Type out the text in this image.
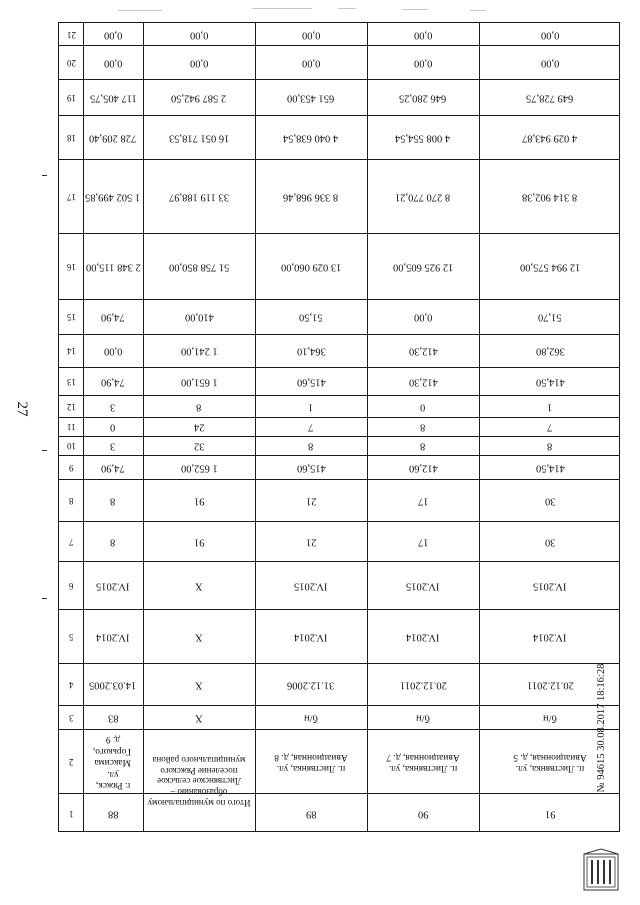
27
1
2
3
4
5
6
7
8
9
10
11
12
13
14
15
16
17
18
19
20
21
88
г. Ряжск, ул. Максима Горького, д. 9
83
14.03.2005
IV.2014
IV.2015
8
8
74,90
3
0
3
74,90
0,00
74,90
2 348 115,00
1 502 499,85
728 209,40
117 405,75
0,00
0,00
Итого по муниципальному образованию – Листвянское сельское поселение Ряжского муниципального района
X
X
X
X
91
91
1 652,00
32
24
8
1 651,00
1 241,00
410,00
51 758 850,00
33 119 188,97
16 051 718,53
2 587 942,50
0,00
0,00
89
п. Листвянка, ул. Авиационная, д. 8
б/н
31.12.2006
IV.2014
IV.2015
21
21
415,60
8
7
1
415,60
364,10
51,50
13 029 060,00
8 336 968,46
4 040 638,54
651 453,00
0,00
0,00
90
п. Листвянка, ул. Авиационная, д. 7
б/н
20.12.2011
IV.2014
IV.2015
17
17
412,60
8
8
0
412,30
412,30
0,00
12 925 605,00
8 270 770,21
4 008 554,54
646 280,25
0,00
0,00
91
п. Листвянка, ул. Авиационная, д. 5
б/н
20.12.2011
IV.2014
IV.2015
30
30
414,50
8
7
1
414,50
362,80
51,70
12 994 575,00
8 314 902,38
4 029 943,87
649 728,75
0,00
0,00
№ 94615 30.08.2017 18:16:28
